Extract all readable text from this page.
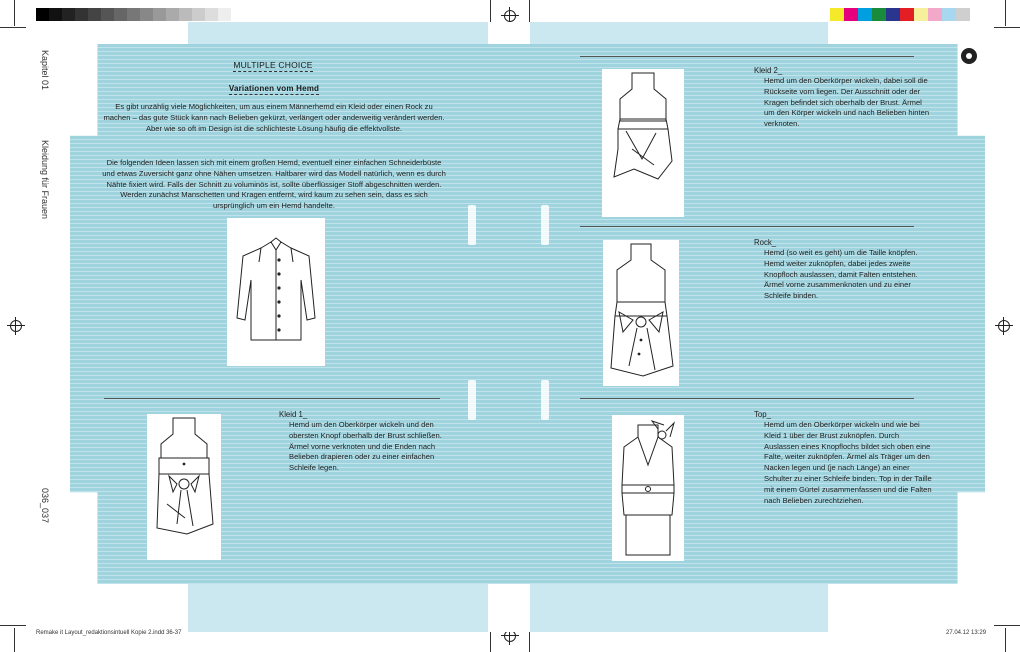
Kapitel 01
Kleidung für Frauen
036_037
MULTIPLE CHOICE
Variationen vom Hemd
Es gibt unzählig viele Möglichkeiten, um aus einem Männerhemd ein Kleid oder einen Rock zu machen – das gute Stück kann nach Belieben gekürzt, verlängert oder anderweitig verändert werden. Aber wie so oft im Design ist die schlichteste Lösung häufig die effektvollste.
Die folgenden Ideen lassen sich mit einem großen Hemd, eventuell einer einfachen Schneiderbüste und etwas Zuversicht ganz ohne Nähen umsetzen. Haltbarer wird das Modell natürlich, wenn es durch Nähte fixiert wird. Falls der Schnitt zu voluminös ist, sollte überflüssiger Stoff abgeschnitten werden. Werden zunächst Manschetten und Kragen entfernt, wird kaum zu sehen sein, dass es sich ursprünglich um ein Hemd handelte.
Kleid 1_
Hemd um den Oberkörper wickeln und den obersten Knopf oberhalb der Brust schließen. Ärmel vorne verknoten und die Enden nach Belieben drapieren oder zu einer einfachen Schleife legen.
Kleid 2_
Hemd um den Oberkörper wickeln, dabei soll die Rückseite vorn liegen. Der Ausschnitt oder der Kragen befindet sich oberhalb der Brust. Ärmel um den Körper wickeln und nach Belieben hinten verknoten.
Rock_
Hemd (so weit es geht) um die Taille knöpfen. Hemd weiter zuknöpfen, dabei jedes zweite Knopfloch auslassen, damit Falten entstehen. Ärmel vorne zusammenknoten und zu einer Schleife binden.
Top_
Hemd um den Oberkörper wickeln und wie bei Kleid 1 über der Brust zuknöpfen. Durch Auslassen eines Knopflochs bildet sich oben eine Falte, weiter zuknöpfen. Ärmel als Träger um den Nacken legen und (je nach Länge) an einer Schulter zu einer Schleife binden. Top in der Taille mit einem Gürtel zusammenfassen und die Falten nach Belieben zurechtziehen.
Remake it Layout_redaktionsintuell Kopie 2.indd 36-37	27.04.12 13:29
